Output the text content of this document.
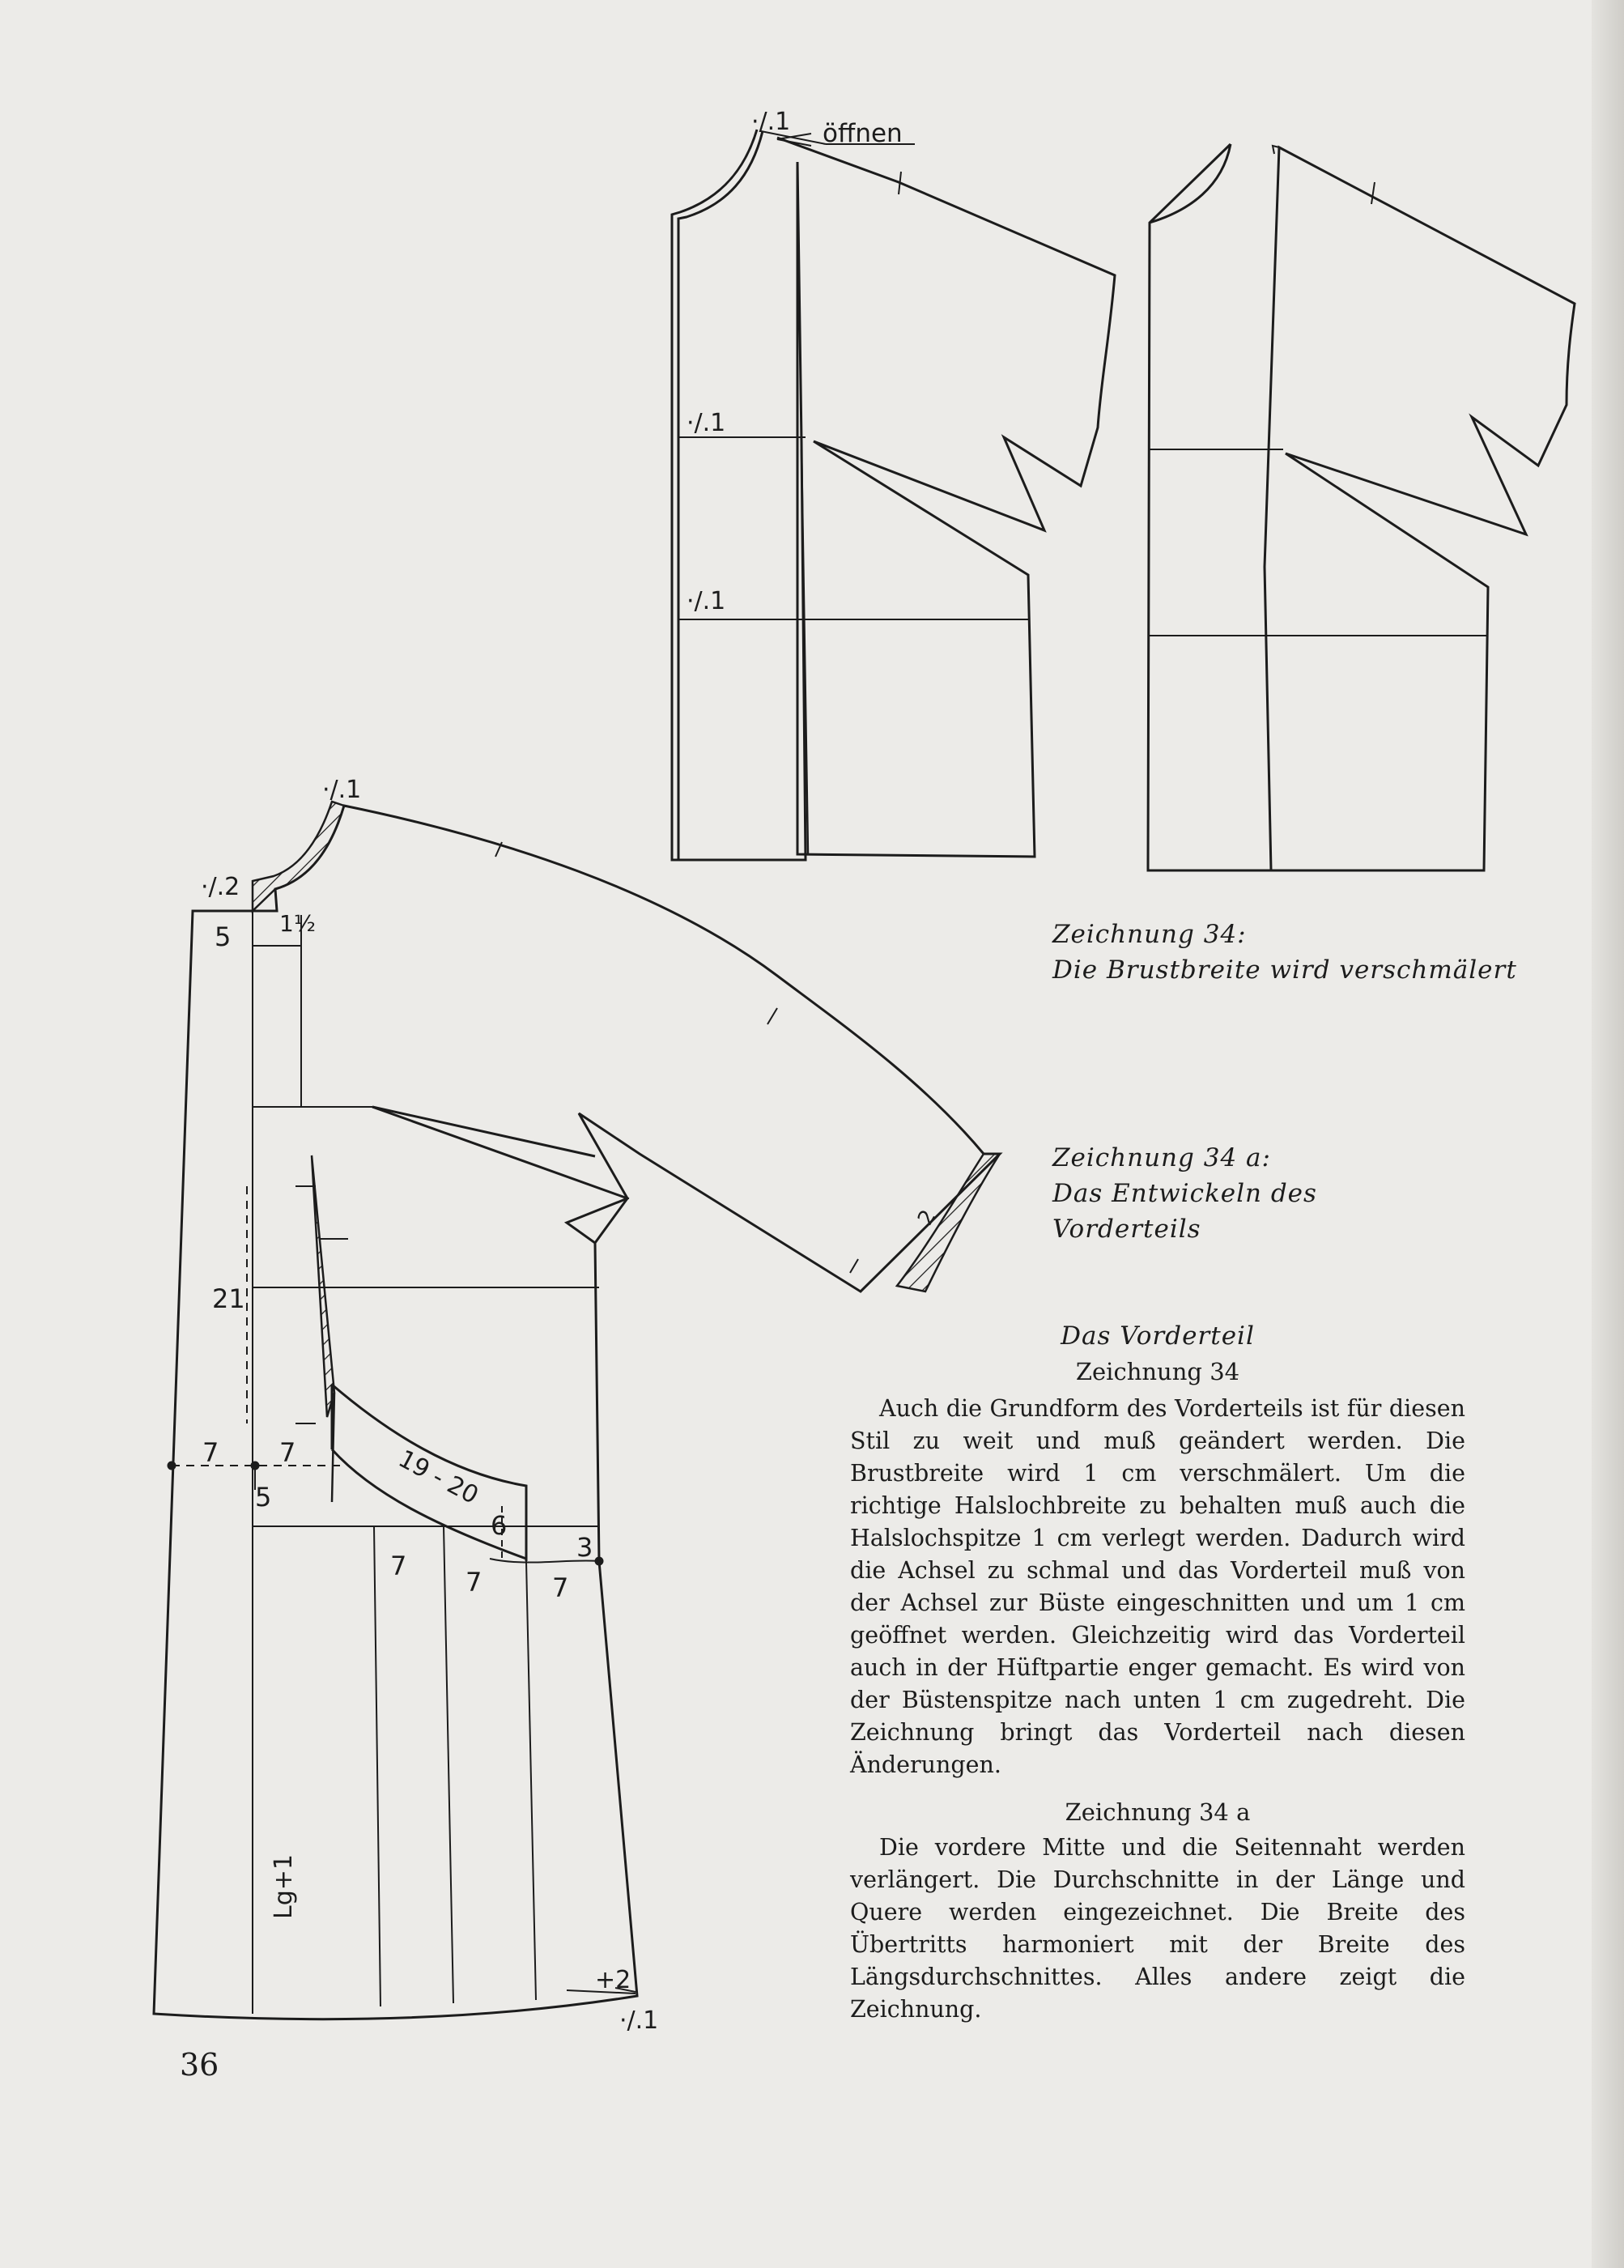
·/.1 öffnen
·/.1
·/.1
·/.1
·/.2
5 1½
21
7 7
5	19 - 20
6
3
7
7	7
2
Lg+1
+2
·/.1
Zeichnung 34:
Die Brustbreite wird verschmälert
Zeichnung 34 a:
Das Entwickeln des
Vorderteils
Das Vorderteil
Zeichnung 34

Auch die Grundform des Vorderteils ist für diesen Stil zu weit und muß geändert werden. Die Brustbreite wird 1 cm verschmälert. Um die richtige Halslochbreite zu behalten muß auch die Halslochspitze 1 cm verlegt werden. Dadurch wird die Achsel zu schmal und das Vorderteil muß von der Achsel zur Büste eingeschnitten und um 1 cm geöffnet werden. Gleichzeitig wird das Vorderteil auch in der Hüftpartie enger gemacht. Es wird von der Büstenspitze nach unten 1 cm zugedreht. Die Zeichnung bringt das Vorderteil nach diesen Änderungen.

Zeichnung 34 a

Die vordere Mitte und die Seitennaht werden verlängert. Die Durchschnitte in der Länge und Quere werden eingezeichnet. Die Breite des Übertritts harmoniert mit der Breite des Längsdurchschnittes. Alles andere zeigt die Zeichnung.

36
